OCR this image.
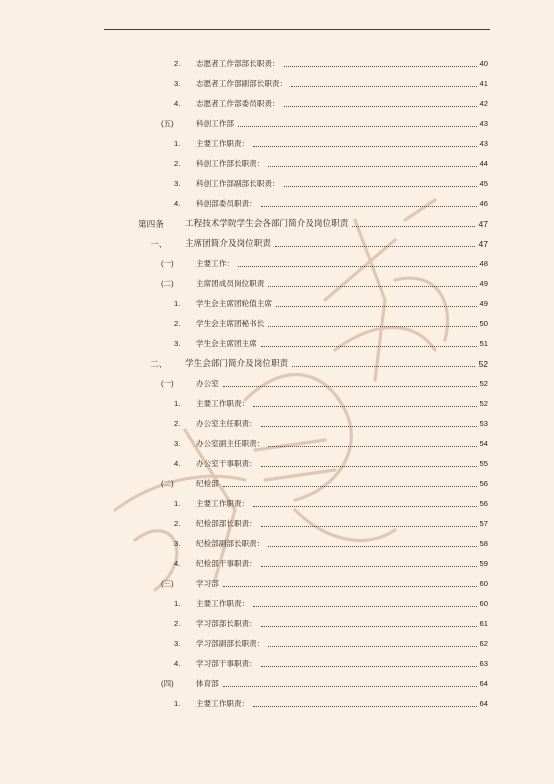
2. 志愿者工作部部长职责：	40
3. 志愿者工作部副部长职责：	41
4. 志愿者工作部委员职责：	42
(五)	科创工作部	43
1. 主要工作职责：	43
2. 科创工作部长职责：	44
3. 科创工作部副部长职责：	45
4. 科创部委员职责：	46
第四条 工程技术学院学生会各部门简介及岗位职责	47
一、 主席团简介及岗位职责	47
(一)	主要工作：	48
(二)	主席团成员岗位职责	49
1. 学生会主席团轮值主席	49
2. 学生会主席团秘书长	50
3. 学生会主席团主席	51
二、 学生会部门简介及岗位职责	52
(一)	办公室	52
1. 主要工作职责：	52
2. 办公室主任职责：	53
3. 办公室副主任职责：	54
4. 办公室干事职责：	55
(二)	纪检部	56
1. 主要工作职责：	56
2. 纪检部部长职责：	57
3. 纪检部副部长职责：	58
4. 纪检部干事职责：	59
(三)	学习部	60
1. 主要工作职责：	60
2. 学习部部长职责：	61
3. 学习部副部长职责：	62
4. 学习部干事职责：	63
(四)	体育部	64
1. 主要工作职责：	64
